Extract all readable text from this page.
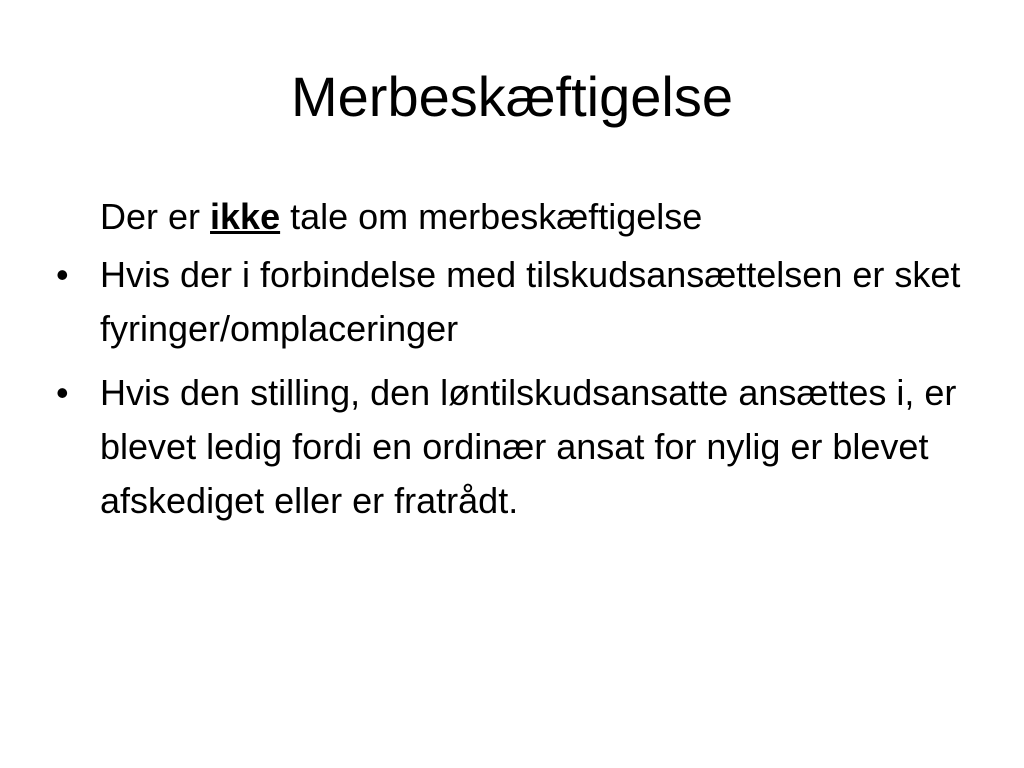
Merbeskæftigelse

Der er ikke tale om merbeskæftigelse

• Hvis der i forbindelse med tilskudsansættelsen er sket fyringer/omplaceringer
• Hvis den stilling, den løntilskudsansatte ansættes i, er blevet ledig fordi en ordinær ansat for nylig er blevet afskediget eller er fratrådt.
